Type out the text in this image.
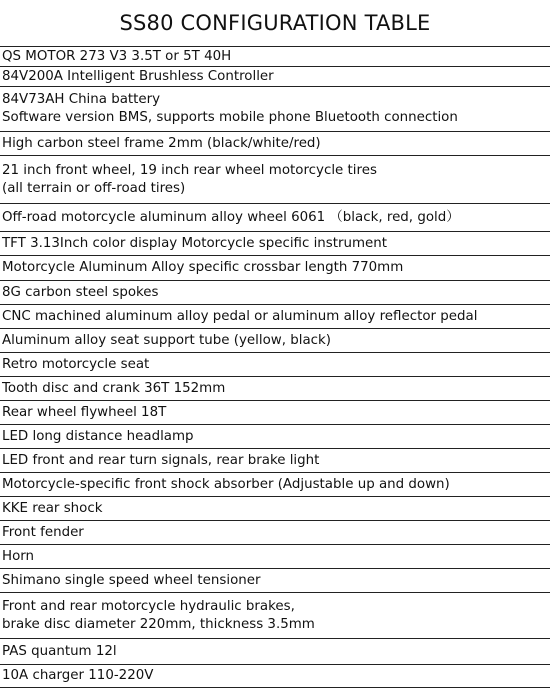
SS80 CONFIGURATION TABLE
QS MOTOR 273 V3 3.5T or 5T 40H
84V200A Intelligent Brushless Controller
84V73AH China battery
Software version BMS, supports mobile phone Bluetooth connection
High carbon steel frame 2mm (black/white/red)
21 inch front wheel, 19 inch rear wheel motorcycle tires
(all terrain or off-road tires)
Off-road motorcycle aluminum alloy wheel 6061 （black, red, gold）
TFT 3.13Inch color display Motorcycle specific instrument
Motorcycle Aluminum Alloy specific crossbar length 770mm
8G carbon steel spokes
CNC machined aluminum alloy pedal or aluminum alloy reflector pedal
Aluminum alloy seat support tube (yellow, black)
Retro motorcycle seat
Tooth disc and crank 36T 152mm
Rear wheel flywheel 18T
LED long distance headlamp
LED front and rear turn signals, rear brake light
Motorcycle-specific front shock absorber (Adjustable up and down)
KKE rear shock
Front fender
Horn
Shimano single speed wheel tensioner
Front and rear motorcycle hydraulic brakes,
brake disc diameter 220mm, thickness 3.5mm
PAS quantum 12l
10A charger 110-220V
